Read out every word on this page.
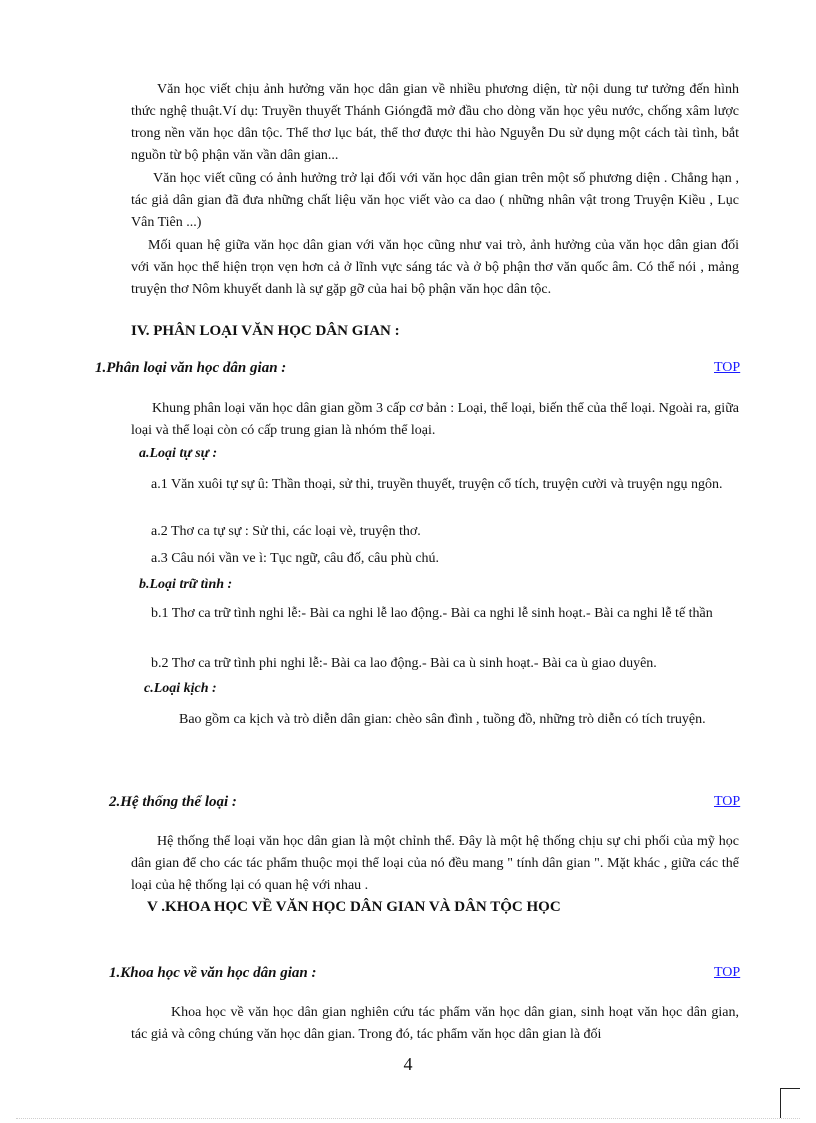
Văn học viết chịu ảnh hưởng văn học dân gian về nhiều phương diện, từ nội dung tư tưởng đến hình thức nghệ thuật.Ví dụ: Truyền thuyết Thánh Gióngđã mở đầu cho dòng văn học yêu nước, chống xâm lược trong nền văn học dân tộc. Thể thơ lục bát, thể thơ được thi hào Nguyễn Du sử dụng một cách tài tình, bắt nguồn từ bộ phận văn vần dân gian...

Văn học viết cũng có ảnh hưởng trở lại đối với văn học dân gian trên một số phương diện . Chẳng hạn , tác giả dân gian đã đưa những chất liệu văn học viết vào ca dao ( những nhân vật trong Truyện Kiều , Lục Vân Tiên ...)

Mối quan hệ giữa văn học dân gian với văn học cũng như vai trò, ảnh hưởng của văn học dân gian đối với văn học thể hiện trọn vẹn hơn cả ở lĩnh vực sáng tác và ở bộ phận thơ văn quốc âm. Có thể nói , mảng truyện thơ Nôm khuyết danh là sự gặp gỡ của hai bộ phận văn học dân tộc.

IV. PHÂN LOẠI VĂN HỌC DÂN GIAN :
1.Phân loại văn học dân gian :	TOP

Khung phân loại văn học dân gian gồm 3 cấp cơ bản : Loại, thể loại, biến thể của thể loại. Ngoài ra, giữa loại và thể loại còn có cấp trung gian là nhóm thể loại.

a.Loại tự sự :

a.1 Văn xuôi tự sự û: Thần thoại, sử thi, truyền thuyết, truyện cổ tích, truyện cười và truyện ngụ ngôn.

a.2 Thơ ca tự sự : Sử thi, các loại vè, truyện thơ.

a.3 Câu nói vần ve ì: Tục ngữ, câu đố, câu phù chú.

b.Loại trữ tình :

b.1 Thơ ca trữ tình nghi lễ:- Bài ca nghi lễ lao động.- Bài ca nghi lễ sinh hoạt.- Bài ca nghi lễ tế thần

b.2 Thơ ca trữ tình phi nghi lễ:- Bài ca lao động.- Bài ca ù sinh hoạt.- Bài ca ù giao duyên.

c.Loại kịch :

Bao gồm ca kịch và trò diễn dân gian: chèo sân đình , tuồng đồ, những trò diễn có tích truyện.

2.Hệ thống thể loại :	TOP

Hệ thống thể loại văn học dân gian là một chỉnh thể. Đây là một hệ thống chịu sự chi phối của mỹ học dân gian để cho các tác phẩm thuộc mọi thể loại của nó đều mang " tính dân gian ". Mặt khác , giữa các thể loại của hệ thống lại có quan hệ với nhau .

V .KHOA HỌC VỀ VĂN HỌC DÂN GIAN VÀ DÂN TỘC HỌC
1.Khoa học về văn học dân gian :	TOP

Khoa học về văn học dân gian nghiên cứu tác phẩm văn học dân gian, sinh hoạt văn học dân gian, tác giả và công chúng văn học dân gian. Trong đó, tác phẩm văn học dân gian là đối

4
